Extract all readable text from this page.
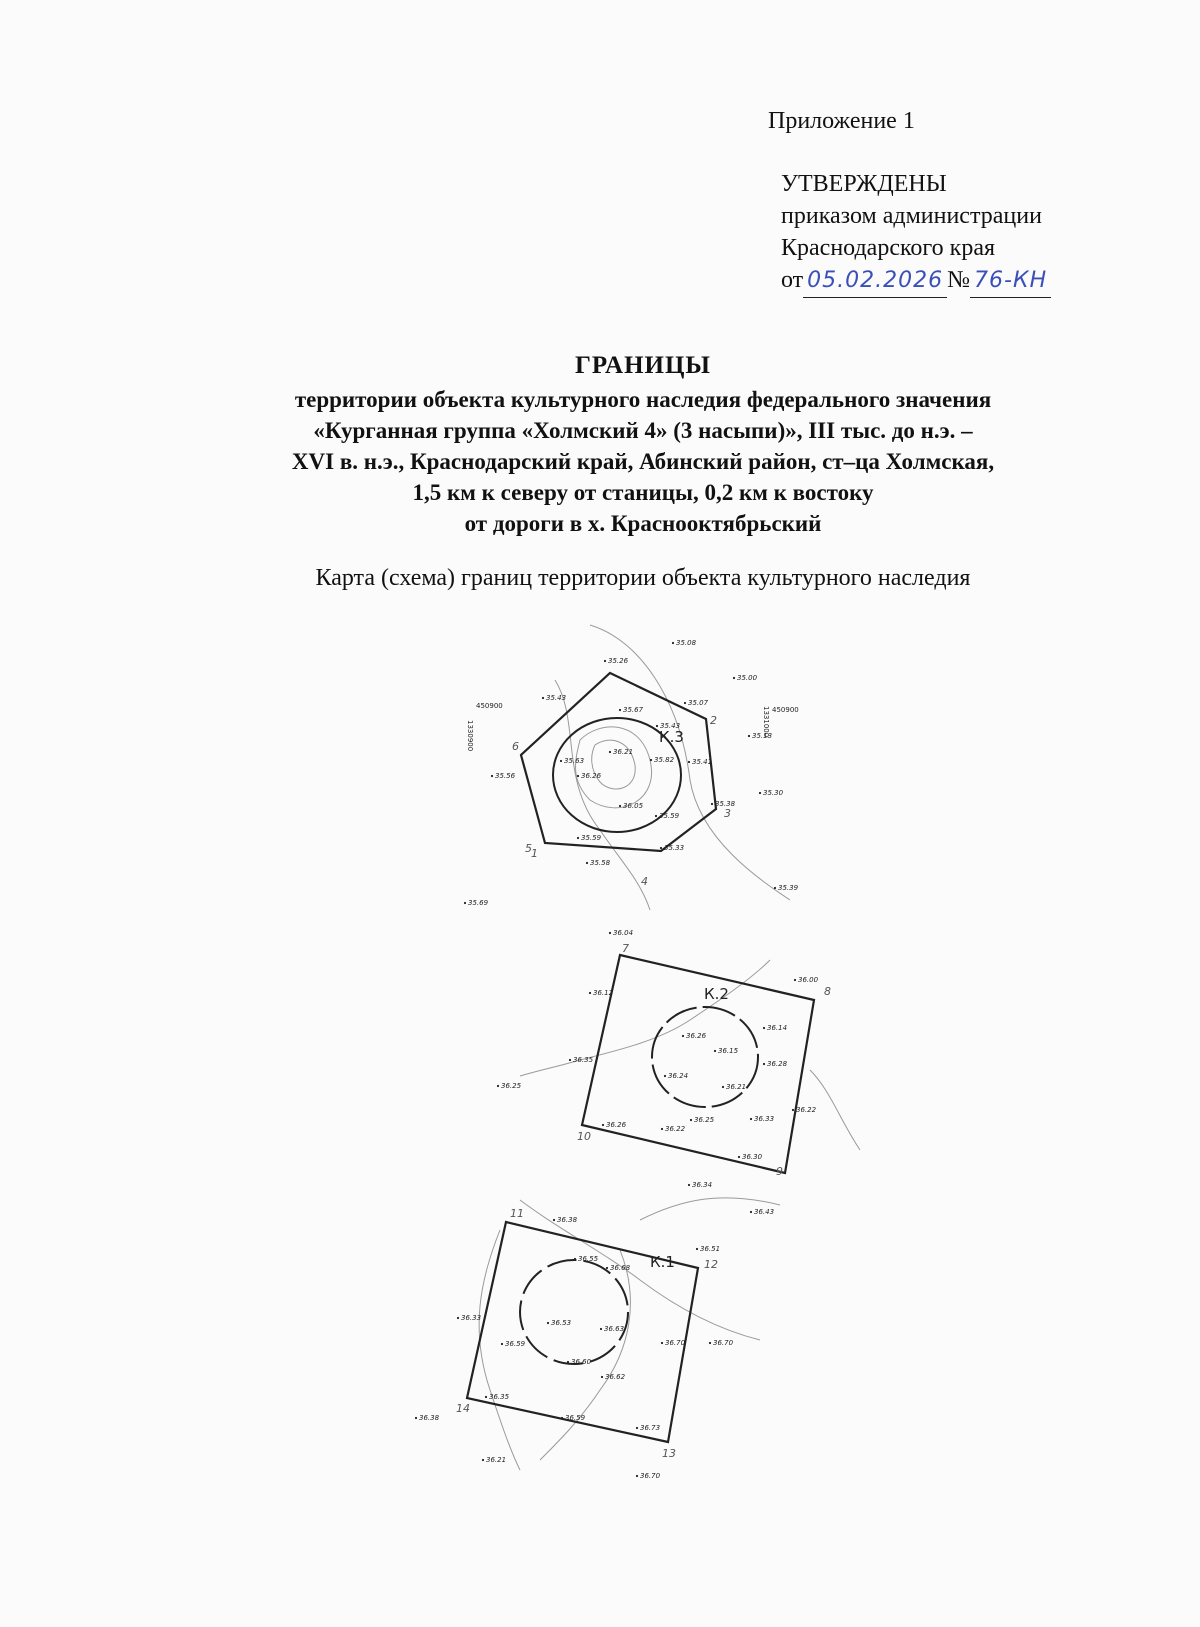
Приложение 1
УТВЕРЖДЕНЫ
приказом администрации
Краснодарского края
от 05.02.2026 № 76-КН
ГРАНИЦЫ
территории объекта культурного наследия федерального значения
«Курганная группа «Холмский 4» (3 насыпи)», III тыс. до н.э. –
XVI в. н.э., Краснодарский край, Абинский район, ст–ца Холмская,
1,5 км к северу от станицы, 0,2 км к востоку
от дороги в х. Краснооктябрьский
Карта (схема) границ территории объекта культурного наследия
К.3
К.2
К.1
1330900
450900	1331000 450900
1
2
3
4
5
6
7
8
9
10
11
12
13
14
35.26
35.08
35.00
35.43
35.67
35.07
35.43
35.13
35.63
36.21
35.82	35.41
35.56	36.26
36.05	35.38
35.30
35.59
35.59
35.33
35.58
35.39
35.69
36.04
36.00
36.12
36.14
36.26
36.15
36.35	36.28
36.24
36.21
36.22
36.33
36.25
36.26	36.22
36.30
36.25
36.34
36.38
36.43
36.51
36.55
36.68
36.33
36.53
36.63
36.59	36.70	36.70
36.60
36.62
36.35
36.38	36.59
36.73
36.21
36.70
